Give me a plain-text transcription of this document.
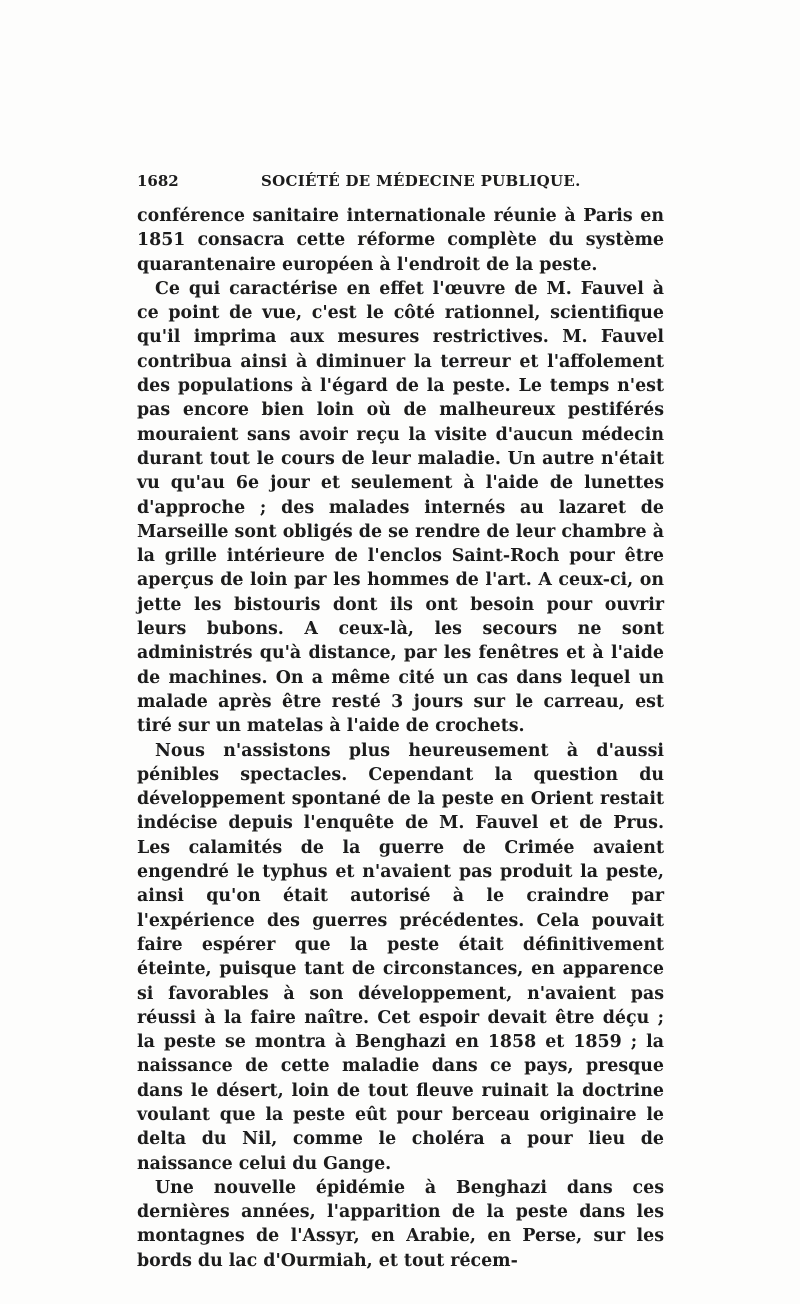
1682	SOCIÉTÉ DE MÉDECINE PUBLIQUE.

conférence sanitaire internationale réunie à Paris en 1851 consacra cette réforme complète du système quarantenaire européen à l'endroit de la peste.

Ce qui caractérise en effet l'œuvre de M. Fauvel à ce point de vue, c'est le côté rationnel, scientifique qu'il imprima aux mesures restrictives. M. Fauvel contribua ainsi à diminuer la terreur et l'affolement des populations à l'égard de la peste. Le temps n'est pas encore bien loin où de malheureux pestiférés mouraient sans avoir reçu la visite d'aucun médecin durant tout le cours de leur maladie. Un autre n'était vu qu'au 6e jour et seulement à l'aide de lunettes d'approche ; des malades internés au lazaret de Marseille sont obligés de se rendre de leur chambre à la grille intérieure de l'enclos Saint-Roch pour être aperçus de loin par les hommes de l'art. A ceux-ci, on jette les bistouris dont ils ont besoin pour ouvrir leurs bubons. A ceux-là, les secours ne sont administrés qu'à distance, par les fenêtres et à l'aide de machines. On a même cité un cas dans lequel un malade après être resté 3 jours sur le carreau, est tiré sur un matelas à l'aide de crochets.

Nous n'assistons plus heureusement à d'aussi pénibles spectacles. Cependant la question du développement spontané de la peste en Orient restait indécise depuis l'enquête de M. Fauvel et de Prus. Les calamités de la guerre de Crimée avaient engendré le typhus et n'avaient pas produit la peste, ainsi qu'on était autorisé à le craindre par l'expérience des guerres précédentes. Cela pouvait faire espérer que la peste était définitivement éteinte, puisque tant de circonstances, en apparence si favorables à son développement, n'avaient pas réussi à la faire naître. Cet espoir devait être déçu ; la peste se montra à Benghazi en 1858 et 1859 ; la naissance de cette maladie dans ce pays, presque dans le désert, loin de tout fleuve ruinait la doctrine voulant que la peste eût pour berceau originaire le delta du Nil, comme le choléra a pour lieu de naissance celui du Gange.

Une nouvelle épidémie à Benghazi dans ces dernières années, l'apparition de la peste dans les montagnes de l'Assyr, en Arabie, en Perse, sur les bords du lac d'Ourmiah, et tout récem-
